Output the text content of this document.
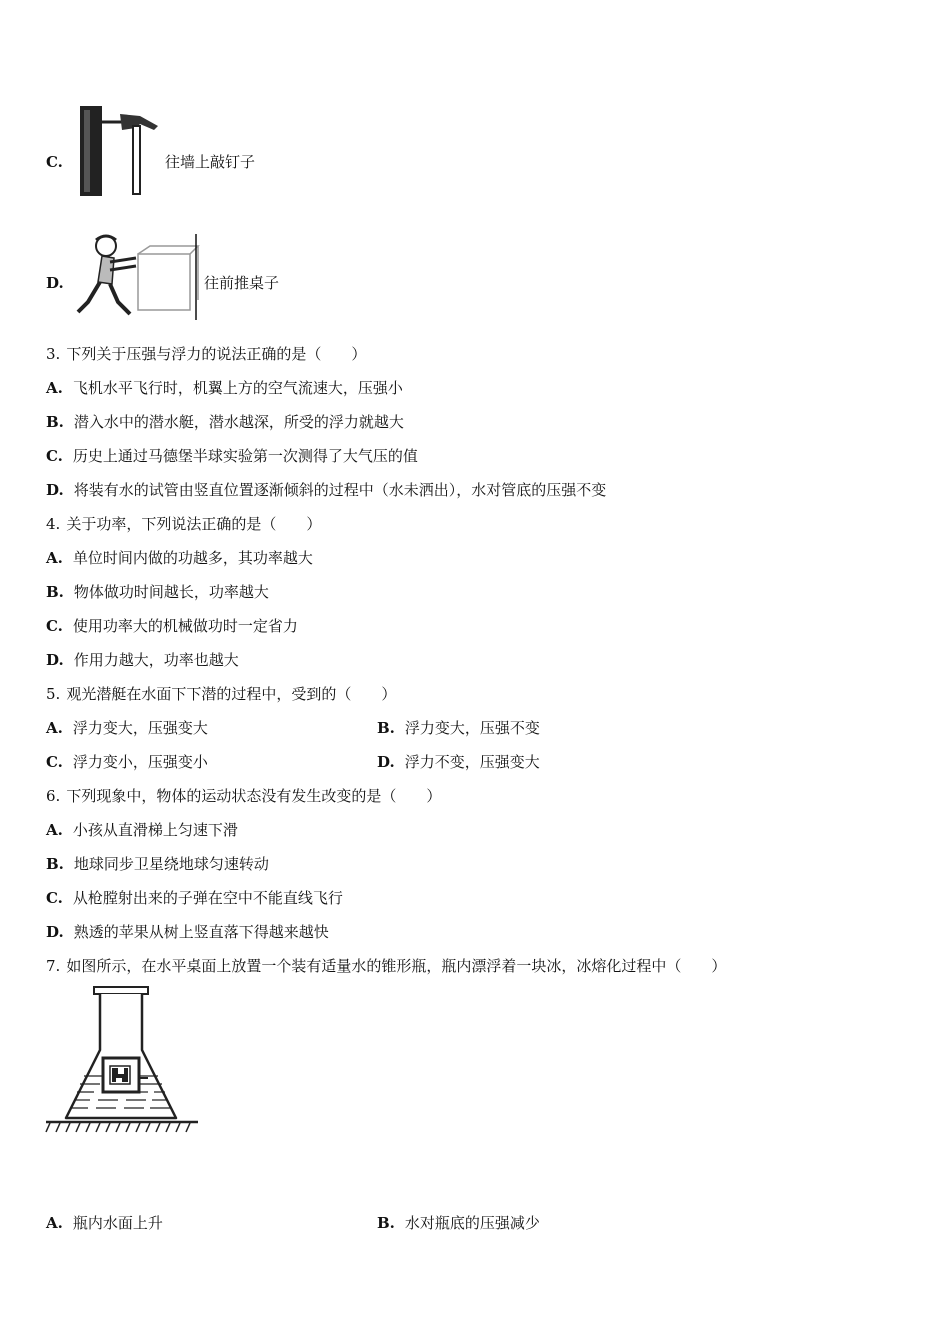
C.	往墙上敲钉子
D.	往前推桌子
3. 下列关于压强与浮力的说法正确的是（　　）
A. 飞机水平飞行时，机翼上方的空气流速大，压强小
B. 潜入水中的潜水艇，潜水越深，所受的浮力就越大
C. 历史上通过马德堡半球实验第一次测得了大气压的值
D. 将装有水的试管由竖直位置逐渐倾斜的过程中（水未洒出），水对管底的压强不变
4. 关于功率，下列说法正确的是（　　）
A. 单位时间内做的功越多，其功率越大
B. 物体做功时间越长，功率越大
C. 使用功率大的机械做功时一定省力
D. 作用力越大，功率也越大
5. 观光潜艇在水面下下潜的过程中，受到的（　　）
A. 浮力变大，压强变大	B. 浮力变大，压强不变
C. 浮力变小，压强变小	D. 浮力不变，压强变大
6. 下列现象中，物体的运动状态没有发生改变的是（　　）
A. 小孩从直滑梯上匀速下滑
B. 地球同步卫星绕地球匀速转动
C. 从枪膛射出来的子弹在空中不能直线飞行
D. 熟透的苹果从树上竖直落下得越来越快
7. 如图所示，在水平桌面上放置一个装有适量水的锥形瓶，瓶内漂浮着一块冰，冰熔化过程中（　　）
A. 瓶内水面上升	B. 水对瓶底的压强减少
